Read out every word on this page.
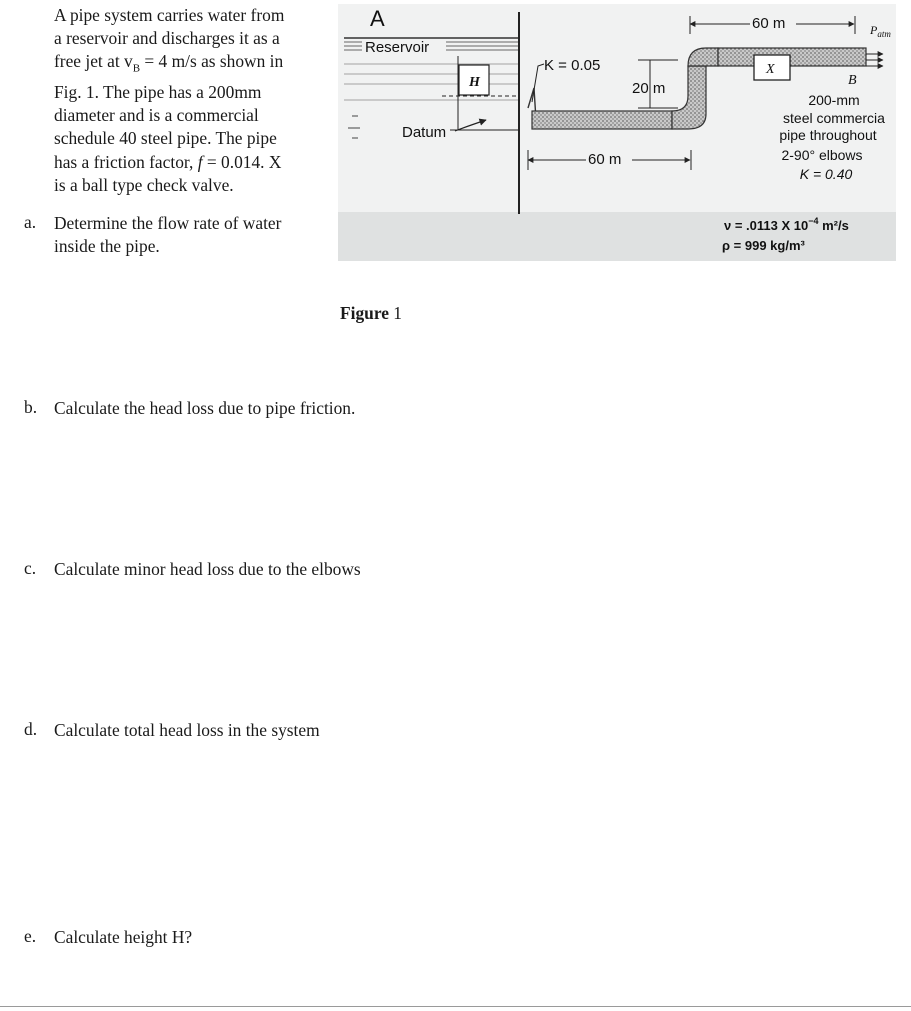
A pipe system carries water from
a reservoir and discharges it as a
free jet at $v_B = 4$ m/s as shown in
Fig. 1. The pipe has a 200mm
diameter and is a commercial
schedule 40 steel pipe. The pipe
has a friction factor, f = 0.014. X
is a ball type check valve.
A
Reservoir
Datum
H
X
B
$P_{atm}$
K = 0.05
20 m
60 m
60 m
200-mm
steel commercia
pipe throughout
2-90° elbows
K = 0.40
ν = .0113 X $10^{-4}$ m²/s
ρ = 999 kg/m³
Figure 1
a. Determine the flow rate of water
inside the pipe.
b. Calculate the head loss due to pipe friction.
c. Calculate minor head loss due to the elbows
d. Calculate total head loss in the system
e. Calculate height H?
